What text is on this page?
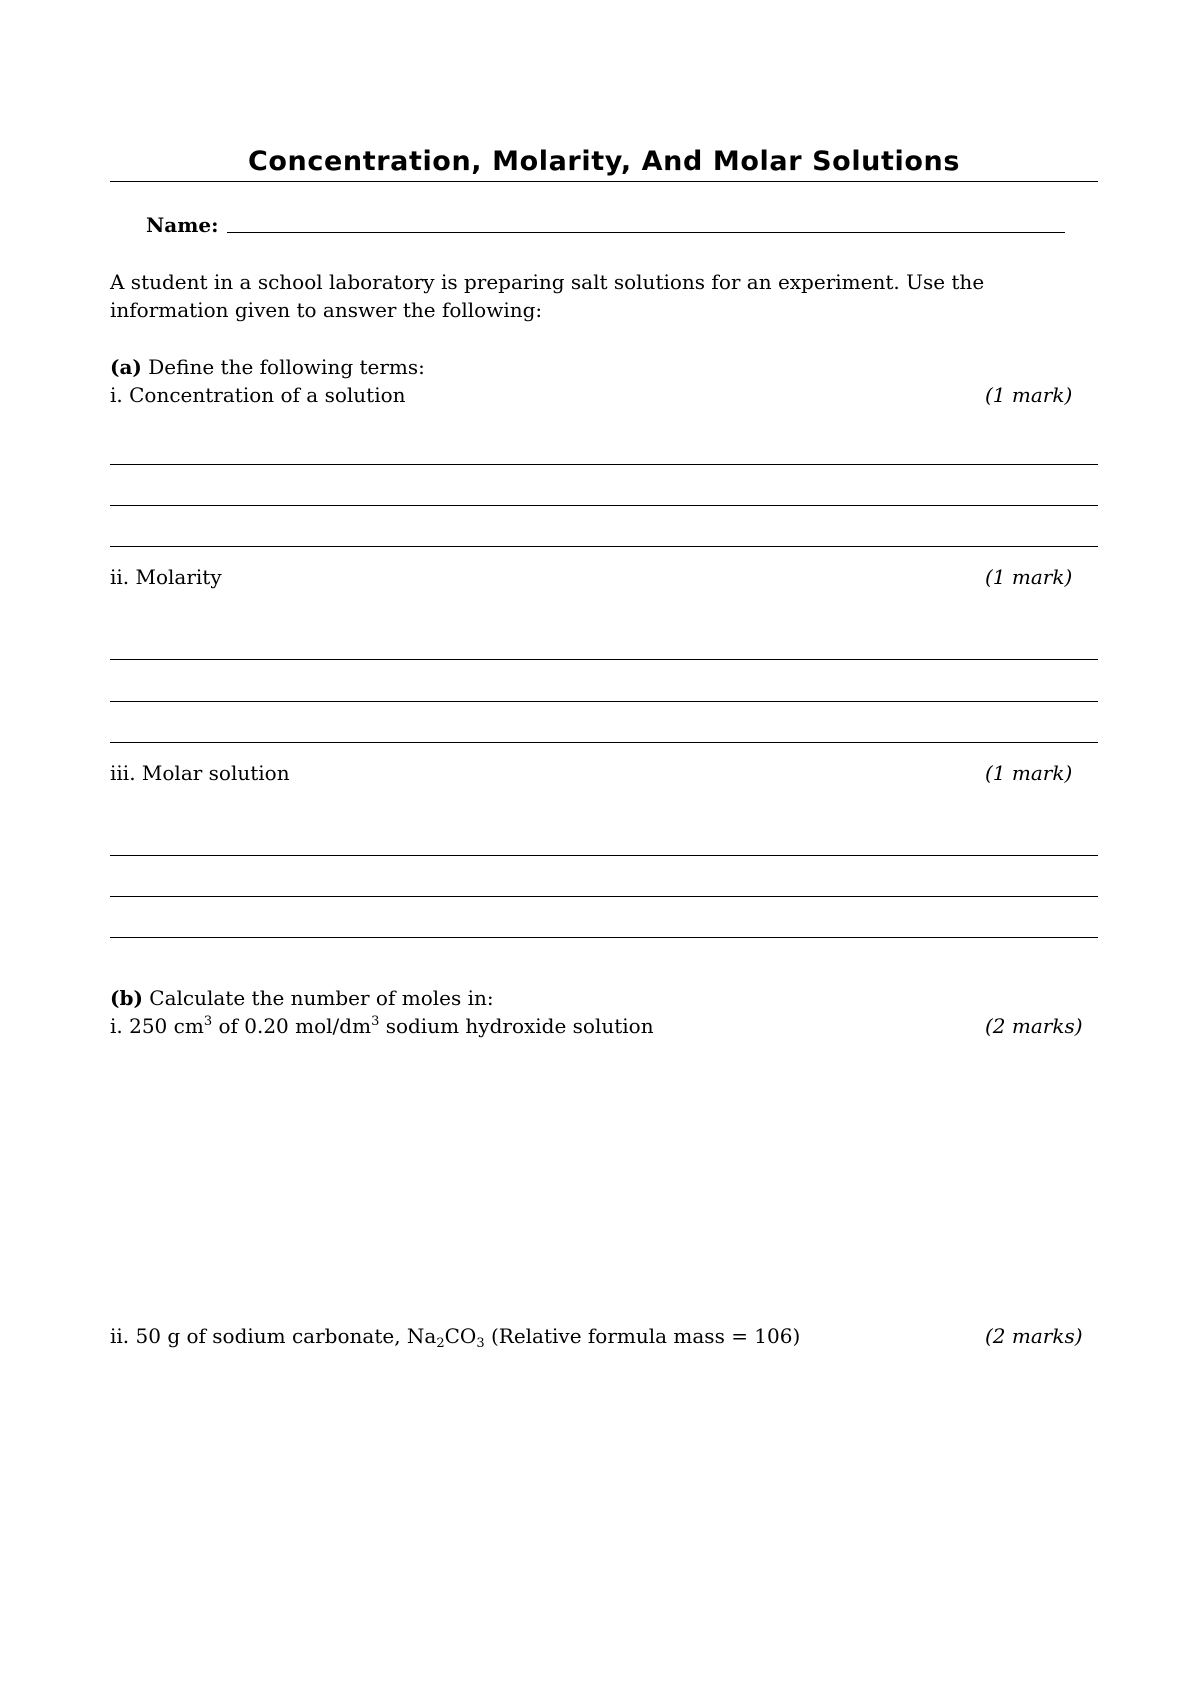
Concentration, Molarity, And Molar Solutions
Name:
A student in a school laboratory is preparing salt solutions for an experiment. Use the information given to answer the following:
(a) Define the following terms:
i. Concentration of a solution	(1 mark)
ii. Molarity	(1 mark)
iii. Molar solution	(1 mark)
(b) Calculate the number of moles in:
i. 250 $cm^3$ of 0.20 mol/$dm^3$ sodium hydroxide solution	(2 marks)
ii. 50 g of sodium carbonate, $Na_2CO_3$ (Relative formula mass = 106)	(2 marks)
